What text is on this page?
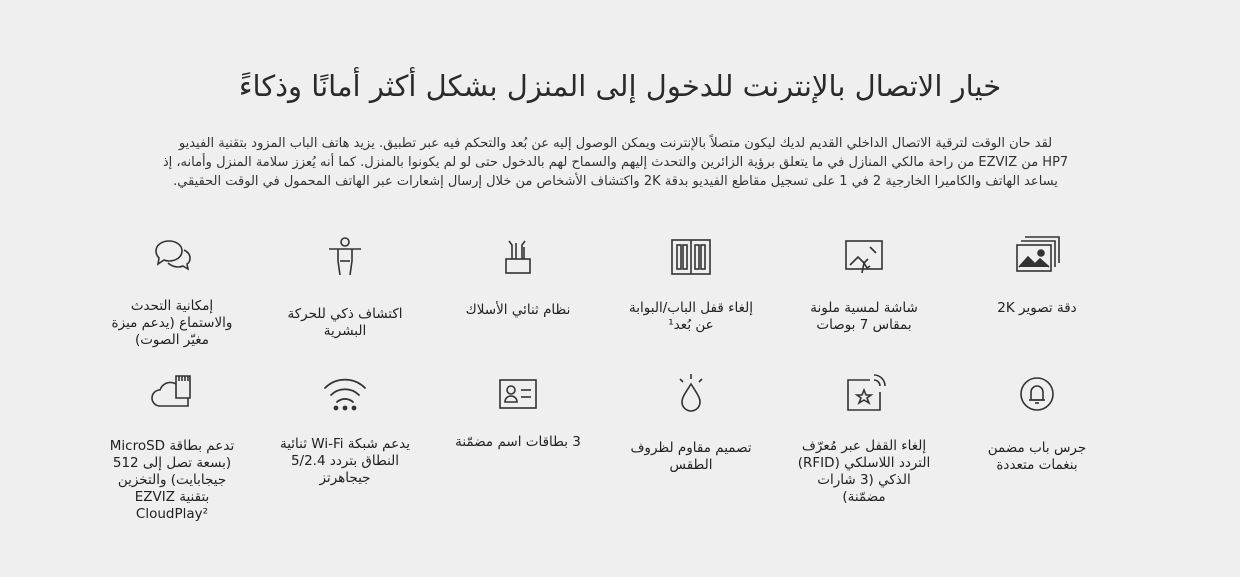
خيار الاتصال بالإنترنت للدخول إلى المنزل بشكل أكثر أمانًا وذكاءً
لقد حان الوقت لترقية الاتصال الداخلي القديم لديك ليكون متصلاً بالإنترنت ويمكن الوصول إليه عن بُعد والتحكم فيه عبر تطبيق. يزيد هاتف الباب المزود بتقنية الفيديو
HP7 من EZVIZ من راحة مالكي المنازل في ما يتعلق برؤية الزائرين والتحدث إليهم والسماح لهم بالدخول حتى لو لم يكونوا بالمنزل. كما أنه يُعزز سلامة المنزل وأمانه، إذ
يساعد الهاتف والكاميرا الخارجية 2 في 1 على تسجيل مقاطع الفيديو بدقة 2K واكتشاف الأشخاص من خلال إرسال إشعارات عبر الهاتف المحمول في الوقت الحقيقي.
دقة تصوير 2K
شاشة لمسية ملونة
بمقاس 7 بوصات
إلغاء قفل الباب/البوابة
عن بُعد¹
نظام ثنائي الأسلاك
اكتشاف ذكي للحركة
البشرية
إمكانية التحدث
والاستماع (يدعم ميزة
مغيّر الصوت)
جرس باب مضمن
بنغمات متعددة
إلغاء القفل عبر مُعرّف
التردد اللاسلكي (RFID)
الذكي (3 شارات
مضمّنة)
تصميم مقاوم لظروف
الطقس
3 بطاقات اسم مضمّنة
يدعم شبكة Wi-Fi ثنائية
النطاق بتردد 5/2.4
جيجاهرتز
تدعم بطاقة MicroSD
(بسعة تصل إلى 512
جيجابايت) والتخزين
بتقنية EZVIZ
CloudPlay²
